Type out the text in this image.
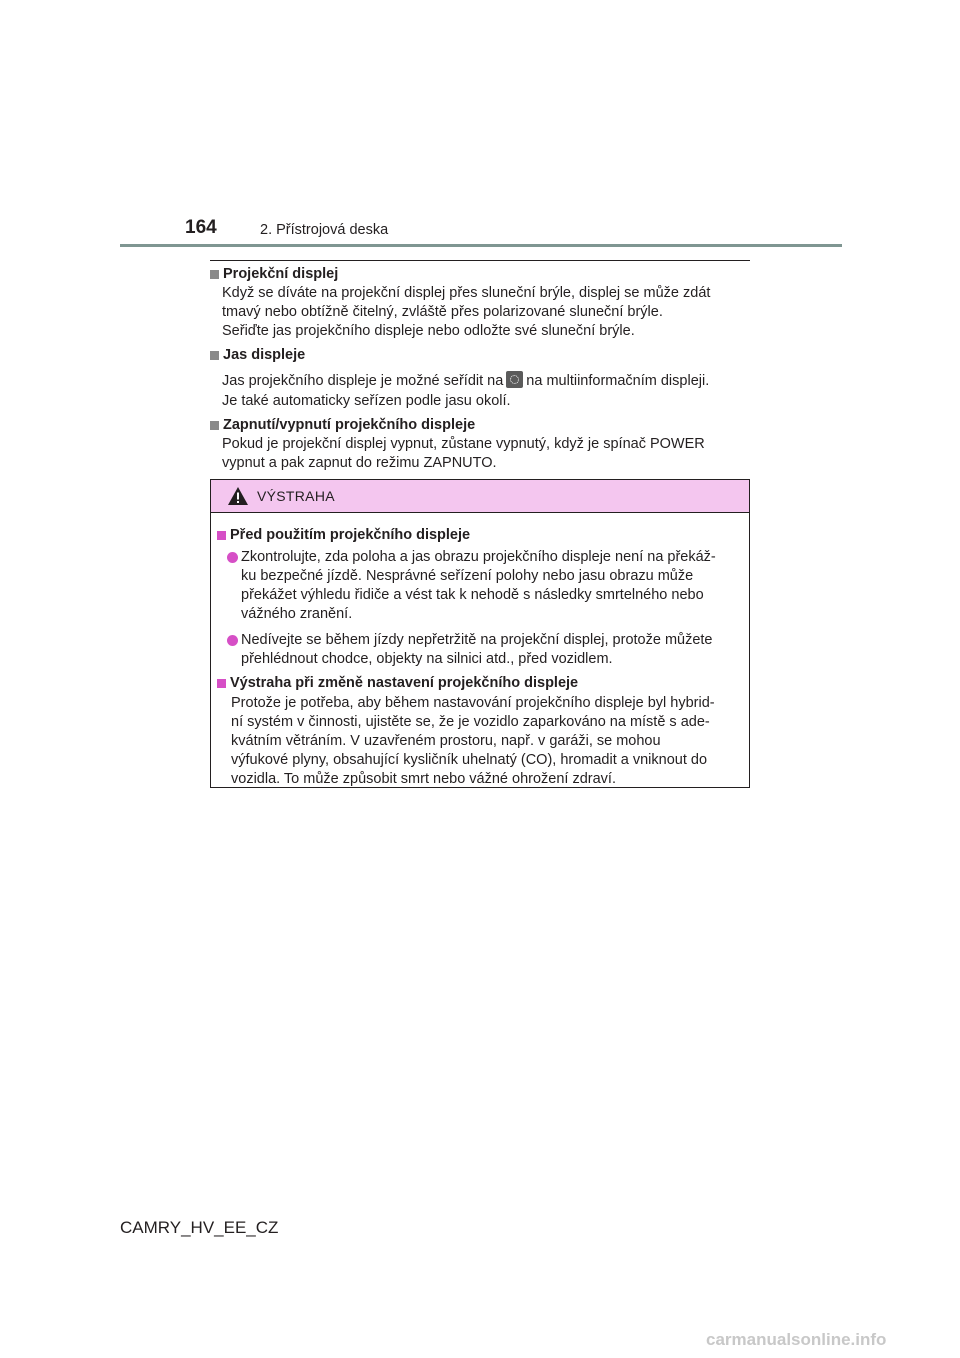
164	2. Přístrojová deska
Projekční displej
Když se díváte na projekční displej přes sluneční brýle, displej se může zdát
tmavý nebo obtížně čitelný, zvláště přes polarizované sluneční brýle.
Seřiďte jas projekčního displeje nebo odložte své sluneční brýle.
Jas displeje
Jas projekčního displeje je možné seřídit na na multiinformačním displeji.
Je také automaticky seřízen podle jasu okolí.
Zapnutí/vypnutí projekčního displeje
Pokud je projekční displej vypnut, zůstane vypnutý, když je spínač POWER
vypnut a pak zapnut do režimu ZAPNUTO.
VÝSTRAHA
Před použitím projekčního displeje
Zkontrolujte, zda poloha a jas obrazu projekčního displeje není na překáž-
ku bezpečné jízdě. Nesprávné seřízení polohy nebo jasu obrazu může
překážet výhledu řidiče a vést tak k nehodě s následky smrtelného nebo
vážného zranění.
Nedívejte se během jízdy nepřetržitě na projekční displej, protože můžete
přehlédnout chodce, objekty na silnici atd., před vozidlem.
Výstraha při změně nastavení projekčního displeje
Protože je potřeba, aby během nastavování projekčního displeje byl hybrid-
ní systém v činnosti, ujistěte se, že je vozidlo zaparkováno na místě s ade-
kvátním větráním. V uzavřeném prostoru, např. v garáži, se mohou
výfukové plyny, obsahující kysličník uhelnatý (CO), hromadit a vniknout do
vozidla. To může způsobit smrt nebo vážné ohrožení zdraví.
CAMRY_HV_EE_CZ
carmanualsonline.info
